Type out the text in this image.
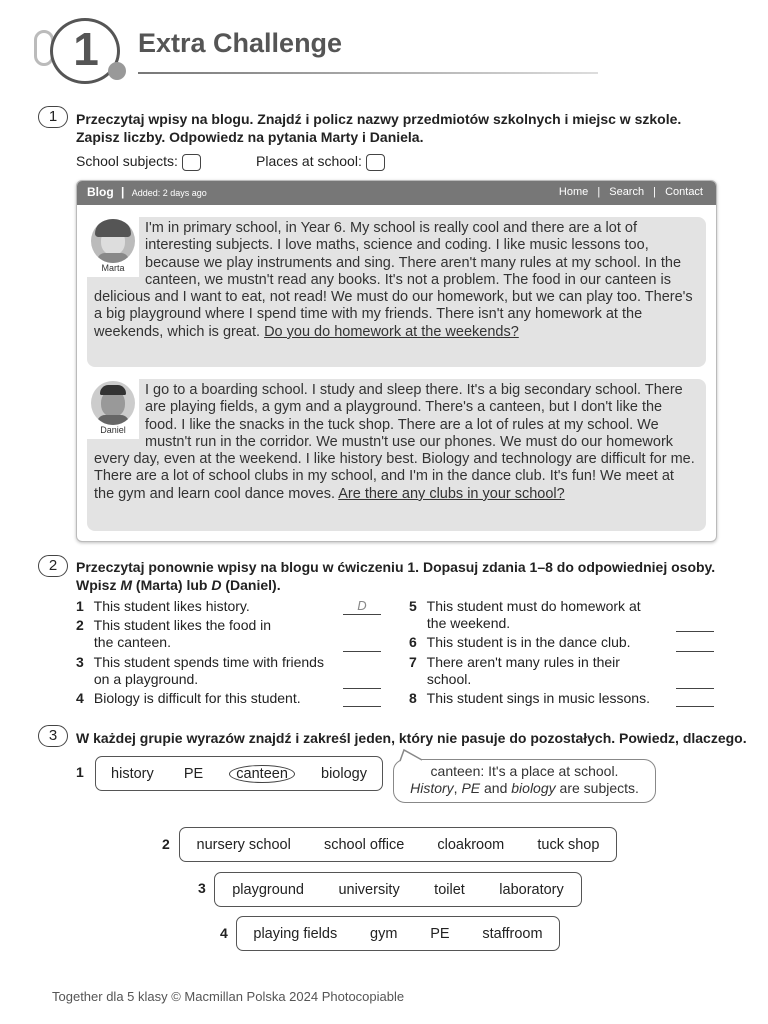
1 Extra Challenge
1	Przeczytaj wpisy na blogu. Znajdź i policz nazwy przedmiotów szkolnych i miejsc w szkole. Zapisz liczby. Odpowiedz na pytania Marty i Daniela.
School subjects:	Places at school:
Blog | Added: 2 days ago	Home | Search | Contact
Marta
I'm in primary school, in Year 6. My school is really cool and there are a lot of interesting subjects. I love maths, science and coding. I like music lessons too, because we play instruments and sing. There aren't many rules at my school. In the canteen, we mustn't read any books. It's not a problem. The food in our canteen is delicious and I want to eat, not read! We must do our homework, but we can play too. There's a big playground where I spend time with my friends. There isn't any homework at the weekends, which is great. Do you do homework at the weekends?
Daniel
I go to a boarding school. I study and sleep there. It's a big secondary school. There are playing fields, a gym and a playground. There's a canteen, but I don't like the food. I like the snacks in the tuck shop. There are a lot of rules at my school. We mustn't run in the corridor. We mustn't use our phones. We must do our homework every day, even at the weekend. I like history best. Biology and technology are difficult for me. There are a lot of school clubs in my school, and I'm in the dance club. It's fun! We meet at the gym and learn cool dance moves. Are there any clubs in your school?
2	Przeczytaj ponownie wpisy na blogu w ćwiczeniu 1. Dopasuj zdania 1–8 do odpowiedniej osoby.
Wpisz M (Marta) lub D (Daniel).
1 This student likes history.	D
2 This student likes the food in
the canteen.
3 This student spends time with friends
on a playground.
4 Biology is difficult for this student.
5 This student must do homework at
the weekend.
6 This student is in the dance club.
7 There aren't many rules in their
school.
8 This student sings in music lessons.
3	W każdej grupie wyrazów znajdź i zakreśl jeden, który nie pasuje do pozostałych. Powiedz, dlaczego.
1 history PE	canteen	biology	canteen: It's a place at school.
History, PE and biology are subjects.
2 nursery school school office cloakroom tuck shop
3 playground university toilet laboratory
4 playing fields gym PE staffroom
Together dla 5 klasy © Macmillan Polska 2024 Photocopiable
